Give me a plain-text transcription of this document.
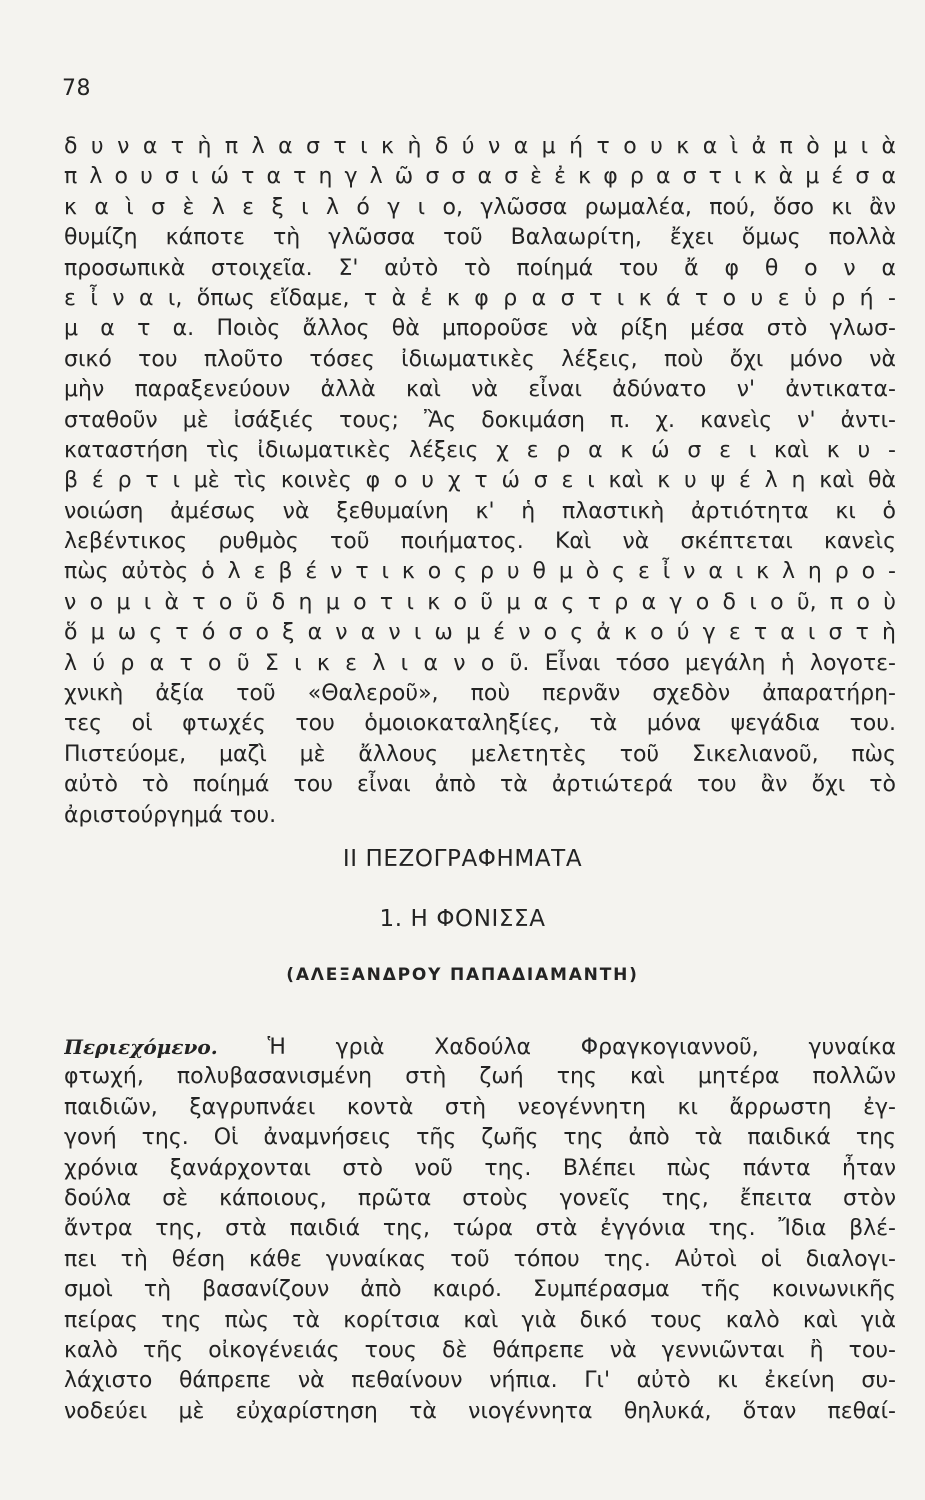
78
δ υ ν α τ ὴ π λ α σ τ ι κ ὴ δ ύ ν α μ ή τ ο υ κ α ὶ ἀ π ὸ μ ι ὰ
π λ ο υ σ ι ώ τ α τ η γ λ ῶ σ σ α σ ὲ ἐ κ φ ρ α σ τ ι κ ὰ μ έ σ α
κ α ὶ σ ὲ λ ε ξ ι λ ό γ ι ο, γλῶσσα ρωμαλέα, πού, ὅσο κι ἂν
θυμίζη κάποτε τὴ γλῶσσα τοῦ Βαλαωρίτη, ἔχει ὅμως πολλὰ
προσωπικὰ στοιχεῖα. Σ' αὐτὸ τὸ ποίημά του ἄ φ θ ο ν α
ε ἶ ν α ι, ὅπως εἴδαμε, τ ὰ ἐ κ φ ρ α σ τ ι κ ά τ ο υ ε ὑ ρ ή -
μ α τ α. Ποιὸς ἄλλος θὰ μποροῦσε νὰ ρίξη μέσα στὸ γλωσ-
σικό του πλοῦτο τόσες ἰδιωματικὲς λέξεις, ποὺ ὄχι μόνο νὰ
μὴν παραξενεύουν ἀλλὰ καὶ νὰ εἶναι ἀδύνατο ν' ἀντικατα-
σταθοῦν μὲ ἰσάξιές τους; Ἂς δοκιμάση π. χ. κανεὶς ν' ἀντι-
καταστήση τὶς ἰδιωματικὲς λέξεις χ ε ρ α κ ώ σ ε ι καὶ κ υ -
β έ ρ τ ι μὲ τὶς κοινὲς φ ο υ χ τ ώ σ ε ι καὶ κ υ ψ έ λ η καὶ θὰ
νοιώση ἀμέσως νὰ ξεθυμαίνη κ' ἡ πλαστικὴ ἀρτιότητα κι ὁ
λεβέντικος ρυθμὸς τοῦ ποιήματος. Καὶ νὰ σκέπτεται κανεὶς
πὼς αὐτὸς ὁ λ ε β έ ν τ ι κ ο ς ρ υ θ μ ὸ ς ε ἶ ν α ι κ λ η ρ ο -
ν ο μ ι ὰ τ ο ῦ δ η μ ο τ ι κ ο ῦ μ α ς τ ρ α γ ο δ ι ο ῦ, π ο ὺ
ὅ μ ω ς τ ό σ ο ξ α ν α ν ι ω μ έ ν ο ς ἀ κ ο ύ γ ε τ α ι σ τ ὴ
λ ύ ρ α τ ο ῦ Σ ι κ ε λ ι α ν ο ῦ. Εἶναι τόσο μεγάλη ἡ λογοτε-
χνικὴ ἀξία τοῦ «Θαλεροῦ», ποὺ περνᾶν σχεδὸν ἀπαρατήρη-
τες οἱ φτωχές του ὁμοιοκαταληξίες, τὰ μόνα ψεγάδια του.
Πιστεύομε, μαζὶ μὲ ἄλλους μελετητὲς τοῦ Σικελιανοῦ, πὼς
αὐτὸ τὸ ποίημά του εἶναι ἀπὸ τὰ ἀρτιώτερά του ἂν ὄχι τὸ
ἀριστούργημά του.
II ΠΕΖΟΓΡΑΦΗΜΑΤΑ
1. Η ΦΟΝΙΣΣΑ
(ΑΛΕΞΑΝΔΡΟΥ ΠΑΠΑΔΙΑΜΑΝΤΗ)
Περιεχόμενο. Ἡ γριὰ Χαδούλα Φραγκογιαννοῦ, γυναίκα
φτωχή, πολυβασανισμένη στὴ ζωή της καὶ μητέρα πολλῶν
παιδιῶν, ξαγρυπνάει κοντὰ στὴ νεογέννητη κι ἄρρωστη ἐγ-
γονή της. Οἱ ἀναμνήσεις τῆς ζωῆς της ἀπὸ τὰ παιδικά της
χρόνια ξανάρχονται στὸ νοῦ της. Βλέπει πὼς πάντα ἦταν
δούλα σὲ κάποιους, πρῶτα στοὺς γονεῖς της, ἔπειτα στὸν
ἄντρα της, στὰ παιδιά της, τώρα στὰ ἐγγόνια της. Ἴδια βλέ-
πει τὴ θέση κάθε γυναίκας τοῦ τόπου της. Αὐτοὶ οἱ διαλογι-
σμοὶ τὴ βασανίζουν ἀπὸ καιρό. Συμπέρασμα τῆς κοινωνικῆς
πείρας της πὼς τὰ κορίτσια καὶ γιὰ δικό τους καλὸ καὶ γιὰ
καλὸ τῆς οἰκογένειάς τους δὲ θάπρεπε νὰ γεννιῶνται ἢ του-
λάχιστο θάπρεπε νὰ πεθαίνουν νήπια. Γι' αὐτὸ κι ἐκείνη συ-
νοδεύει μὲ εὐχαρίστηση τὰ νιογέννητα θηλυκά, ὅταν πεθαί-
